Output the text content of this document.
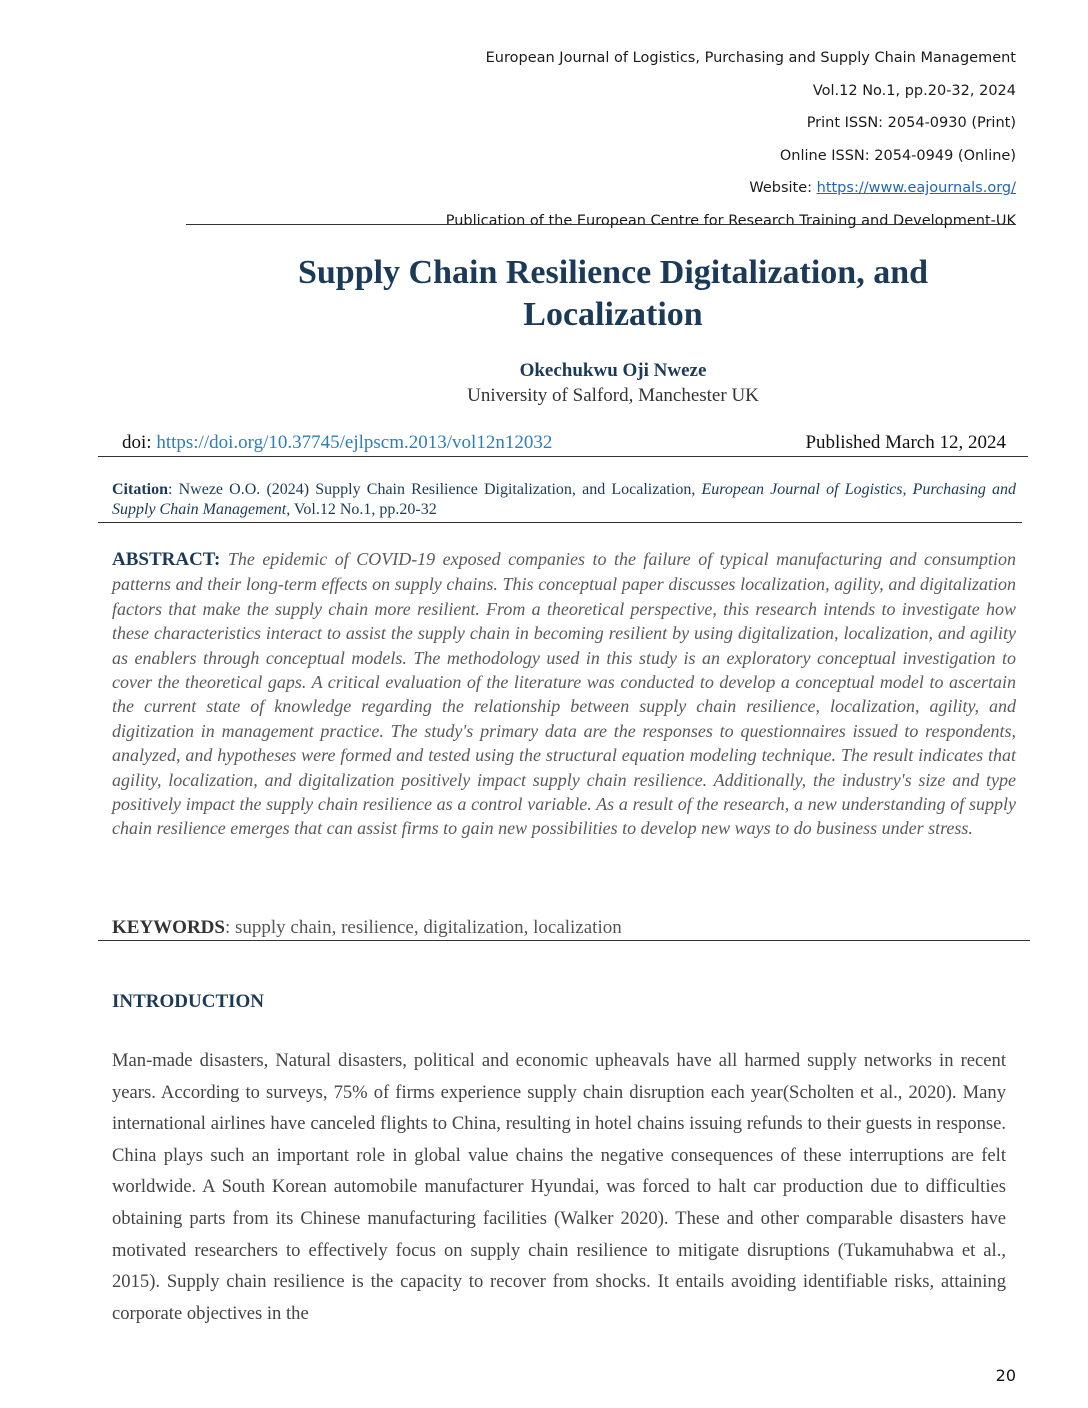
European Journal of Logistics, Purchasing and Supply Chain Management
Vol.12 No.1, pp.20-32, 2024
Print ISSN: 2054-0930 (Print)
Online ISSN: 2054-0949 (Online)
Website: https://www.eajournals.org/
Publication of the European Centre for Research Training and Development-UK
Supply Chain Resilience Digitalization, and
Localization
Okechukwu Oji Nweze
University of Salford, Manchester UK
doi: https://doi.org/10.37745/ejlpscm.2013/vol12n12032	Published March 12, 2024

Citation: Nweze O.O. (2024) Supply Chain Resilience Digitalization, and Localization, European Journal of Logistics, Purchasing and Supply Chain Management, Vol.12 No.1, pp.20-32

ABSTRACT: The epidemic of COVID-19 exposed companies to the failure of typical manufacturing and consumption patterns and their long-term effects on supply chains. This conceptual paper discusses localization, agility, and digitalization factors that make the supply chain more resilient. From a theoretical perspective, this research intends to investigate how these characteristics interact to assist the supply chain in becoming resilient by using digitalization, localization, and agility as enablers through conceptual models. The methodology used in this study is an exploratory conceptual investigation to cover the theoretical gaps. A critical evaluation of the literature was conducted to develop a conceptual model to ascertain the current state of knowledge regarding the relationship between supply chain resilience, localization, agility, and digitization in management practice. The study's primary data are the responses to questionnaires issued to respondents, analyzed, and hypotheses were formed and tested using the structural equation modeling technique. The result indicates that agility, localization, and digitalization positively impact supply chain resilience. Additionally, the industry's size and type positively impact the supply chain resilience as a control variable. As a result of the research, a new understanding of supply chain resilience emerges that can assist firms to gain new possibilities to develop new ways to do business under stress.

KEYWORDS: supply chain, resilience, digitalization, localization

INTRODUCTION

Man-made disasters, Natural disasters, political and economic upheavals have all harmed supply networks in recent years. According to surveys, 75% of firms experience supply chain disruption each year(Scholten et al., 2020). Many international airlines have canceled flights to China, resulting in hotel chains issuing refunds to their guests in response. China plays such an important role in global value chains the negative consequences of these interruptions are felt worldwide. A South Korean automobile manufacturer Hyundai, was forced to halt car production due to difficulties obtaining parts from its Chinese manufacturing facilities (Walker 2020). These and other comparable disasters have motivated researchers to effectively focus on supply chain resilience to mitigate disruptions (Tukamuhabwa et al., 2015). Supply chain resilience is the capacity to recover from shocks. It entails avoiding identifiable risks, attaining corporate objectives in the

20
